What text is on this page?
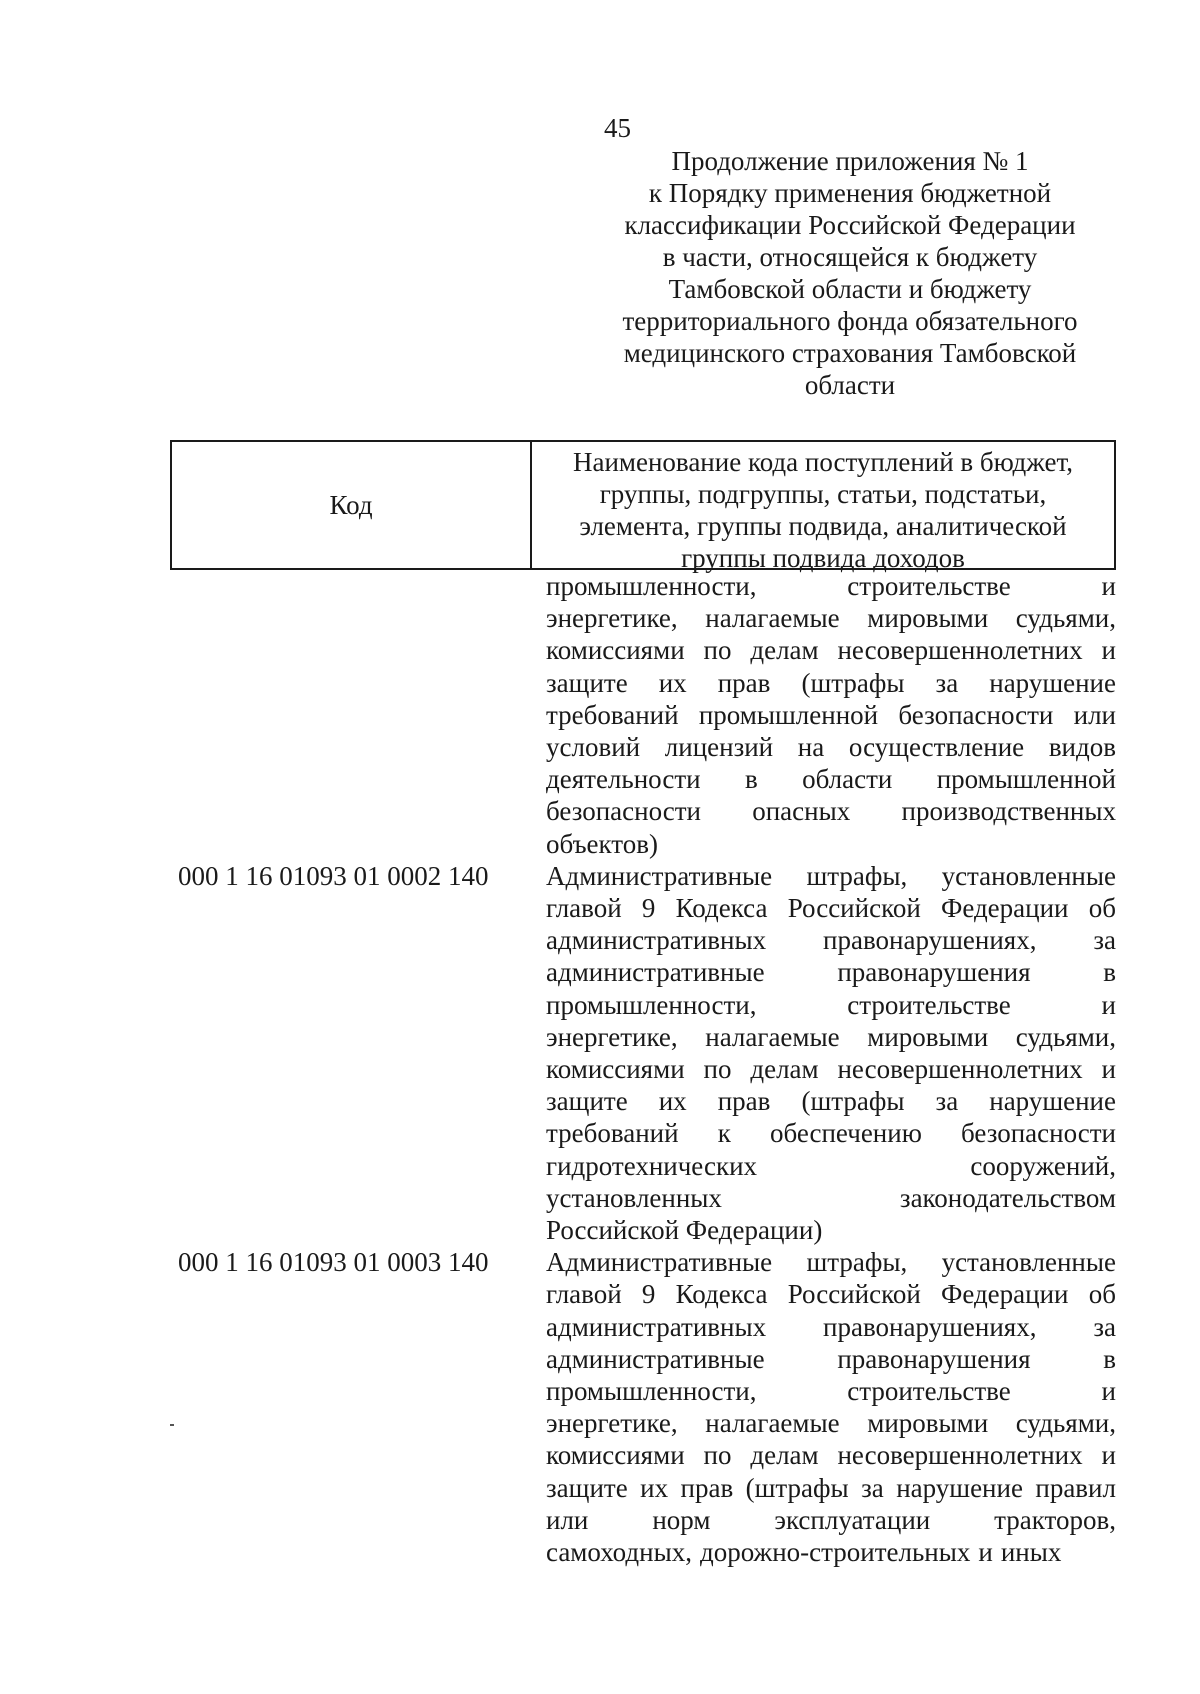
45
Продолжение приложения № 1
к Порядку применения бюджетной
классификации Российской Федерации
в части, относящейся к бюджету
Тамбовской области и бюджету
территориального фонда обязательного
медицинского страхования Тамбовской
области
Код
Наименование кода поступлений в бюджет,
группы, подгруппы, статьи, подстатьи,
элемента, группы подвида, аналитической
группы подвида доходов
промышленности,	строительстве	и
энергетике, налагаемые мировыми судьями,
комиссиями по делам несовершеннолетних и
защите их прав (штрафы за нарушение
требований промышленной безопасности или
условий лицензий на осуществление видов
деятельности в области промышленной
безопасности опасных производственных
объектов)
000 1 16 01093 01 0002 140	Административные штрафы, установленные
главой 9 Кодекса Российской Федерации об
административных правонарушениях, за
административные	правонарушения	в
промышленности,	строительстве	и
энергетике, налагаемые мировыми судьями,
комиссиями по делам несовершеннолетних и
защите их прав (штрафы за нарушение
требований к обеспечению безопасности
гидротехнических	сооружений,
установленных	законодательством
Российской Федерации)
000 1 16 01093 01 0003 140	Административные штрафы, установленные
главой 9 Кодекса Российской Федерации об
административных правонарушениях, за
административные	правонарушения	в
промышленности,	строительстве	и
энергетике, налагаемые мировыми судьями,
комиссиями по делам несовершеннолетних и
защите их прав (штрафы за нарушение правил
или норм эксплуатации тракторов,
самоходных, дорожно-строительных и иных
